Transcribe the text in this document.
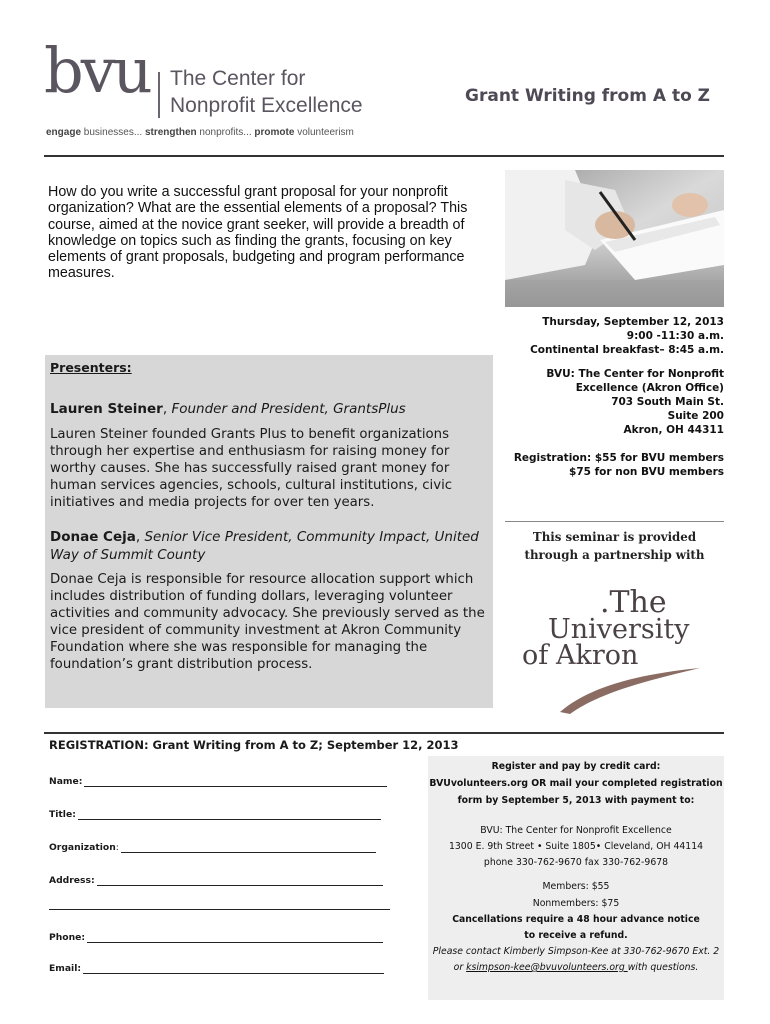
bvu The Center for
Nonprofit Excellence
engage businesses... strengthen nonprofits... promote volunteerism
Grant Writing from A to Z
How do you write a successful grant proposal for your nonprofit organization? What are the essential elements of a proposal? This course, aimed at the novice grant seeker, will provide a breadth of knowledge on topics such as finding the grants, focusing on key elements of grant proposals, budgeting and program performance measures.
Thursday, September 12, 2013
9:00 -11:30 a.m.
Continental breakfast– 8:45 a.m.
BVU: The Center for Nonprofit
Excellence (Akron Office)
703 South Main St.
Suite 200
Akron, OH 44311
Registration: $55 for BVU members
$75 for non BVU members
Presenters:
Lauren Steiner, Founder and President, GrantsPlus
Lauren Steiner founded Grants Plus to benefit organizations through her expertise and enthusiasm for raising money for worthy causes. She has successfully raised grant money for human services agencies, schools, cultural institutions, civic initiatives and media projects for over ten years.
Donae Ceja, Senior Vice President, Community Impact, United Way of Summit County
Donae Ceja is responsible for resource allocation support which includes distribution of funding dollars, leveraging volunteer activities and community advocacy. She previously served as the vice president of community investment at Akron Community Foundation where she was responsible for managing the foundation’s grant distribution process.
This seminar is provided
through a partnership with
.The
University
of Akron
REGISTRATION: Grant Writing from A to Z; September 12, 2013
Name:
Title:
Organization:
Address:
Phone:
Email:
Register and pay by credit card:
BVUvolunteers.org OR mail your completed registration
form by September 5, 2013 with payment to:
BVU: The Center for Nonprofit Excellence
1300 E. 9th Street • Suite 1805• Cleveland, OH 44114
phone 330-762-9670 fax 330-762-9678
Members: $55
Nonmembers: $75
Cancellations require a 48 hour advance notice
to receive a refund.
Please contact Kimberly Simpson-Kee at 330-762-9670 Ext. 2
or ksimpson-kee@bvuvolunteers.org with questions.
